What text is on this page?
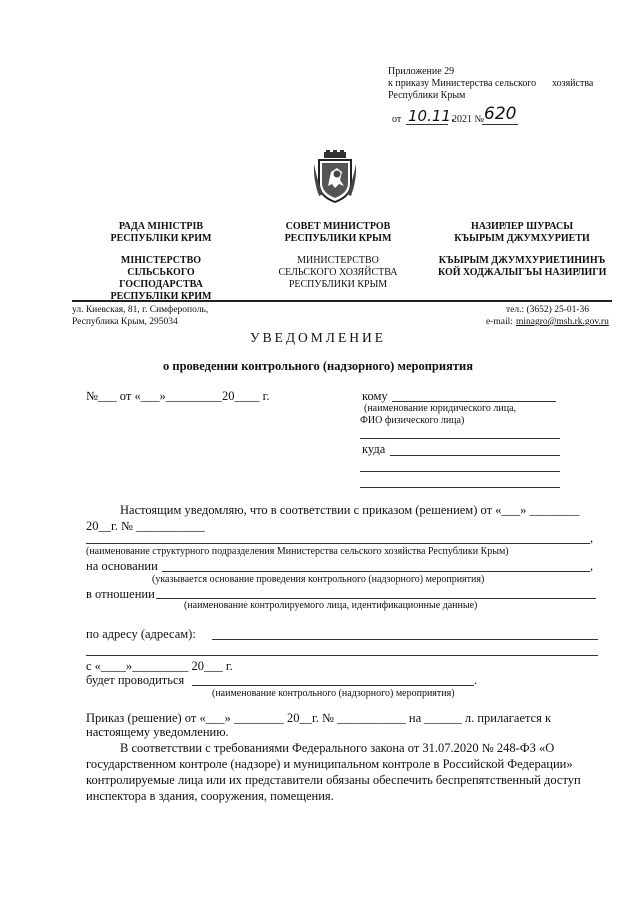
Приложение 29
к приказу Министерства сельского хозяйства
Республики Крым
от 10.11.
2021 № 620
РАДА МІНІСТРІВ
РЕСПУБЛІКИ КРИМ
МІНІСТЕРСТВО
СІЛЬСЬКОГО
ГОСПОДАРСТВА
РЕСПУБЛІКИ КРИМ
СОВЕТ МИНИСТРОВ
РЕСПУБЛИКИ КРЫМ
МИНИСТЕРСТВО
СЕЛЬСКОГО ХОЗЯЙСТВА
РЕСПУБЛИКИ КРЫМ
НАЗИРЛЕР ШУРАСЫ
КЪЫРЫМ ДЖУМХУРИЕТИ
КЪЫРЫМ ДЖУМХУРИЕТИНИНЪ
КОЙ ХОДЖАЛЫГЪЫ НАЗИРЛИГИ
ул. Киевская, 81, г. Симферополь,
Республика Крым, 295034
тел.: (3652) 25-01-36
e-mail: minagro@msh.rk.gov.ru
УВЕДОМЛЕНИЕ
о проведении контрольного (надзорного) мероприятия
№___ от «___»_________20____ г.	кому
(наименование юридического лица,
ФИО физического лица)
куда
Настоящим уведомляю, что в соответствии с приказом (решением) от «___» ________
20__г. № ___________
,
(наименование структурного подразделения Министерства сельского хозяйства Республики Крым)
на основании	,
(указывается основание проведения контрольного (надзорного) мероприятия)
в отношении
(наименование контролируемого лица, идентификационные данные)
по адресу (адресам):
с «____»_________ 20___ г.
будет проводиться	.
(наименование контрольного (надзорного) мероприятия)
Приказ (решение) от «___» ________ 20__г. № ___________ на ______ л. прилагается к
настоящему уведомлению.
В соответствии с требованиями Федерального закона от 31.07.2020 № 248-ФЗ «О
государственном контроле (надзоре) и муниципальном контроле в Российской Федерации»
контролируемые лица или их представители обязаны обеспечить беспрепятственный доступ
инспектора в здания, сооружения, помещения.
